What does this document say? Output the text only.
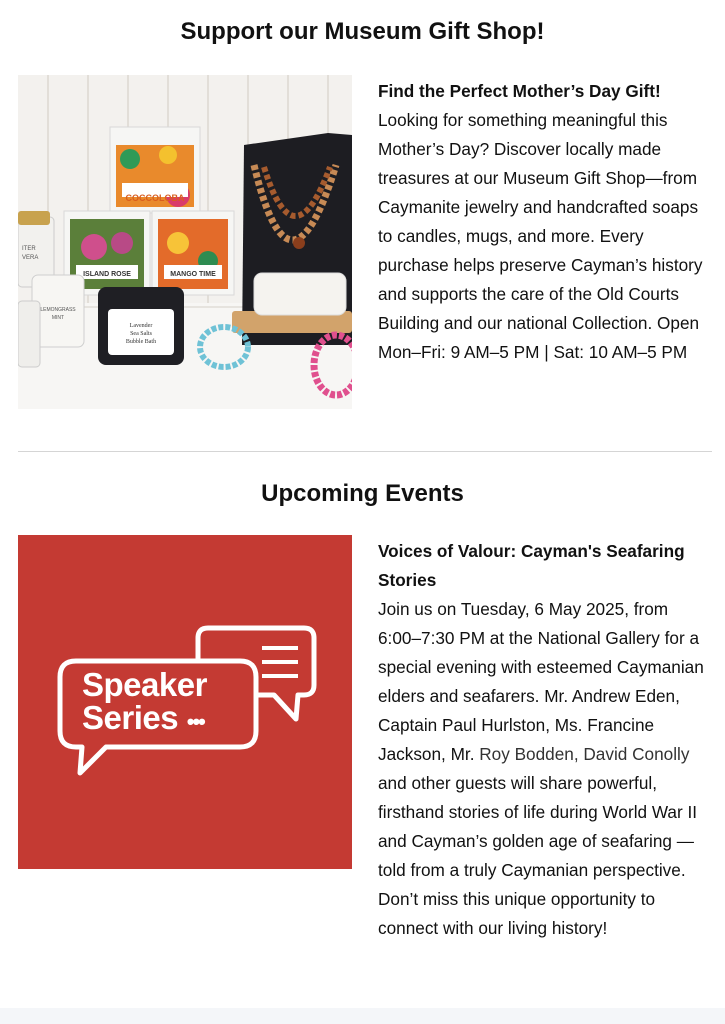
Support our Museum Gift Shop!
COCCOLOBA
ISLAND ROSE	MANGO TIME
ITER
VERA
LEMONGRASS
MINT
Lavender
Sea Salts
Bubble Bath
Find the Perfect Mother’s Day Gift!
Looking for something meaningful this Mother’s Day? Discover locally made treasures at our Museum Gift Shop—from Caymanite jewelry and handcrafted soaps to candles, mugs, and more. Every purchase helps preserve Cayman’s history and supports the care of the Old Courts Building and our national Collection. Open Mon–Fri: 9 AM–5 PM | Sat: 10 AM–5 PM
Upcoming Events
Speaker
Series •••
Voices of Valour: Cayman's Seafaring Stories
Join us on Tuesday, 6 May 2025, from 6:00–7:30 PM at the National Gallery for a special evening with esteemed Caymanian elders and seafarers. Mr. Andrew Eden, Captain Paul Hurlston, Ms. Francine Jackson, Mr. Roy Bodden, David Conolly and other guests will share powerful, firsthand stories of life during World War II and Cayman’s golden age of seafaring — told from a truly Caymanian perspective. Don’t miss this unique opportunity to connect with our living history!
